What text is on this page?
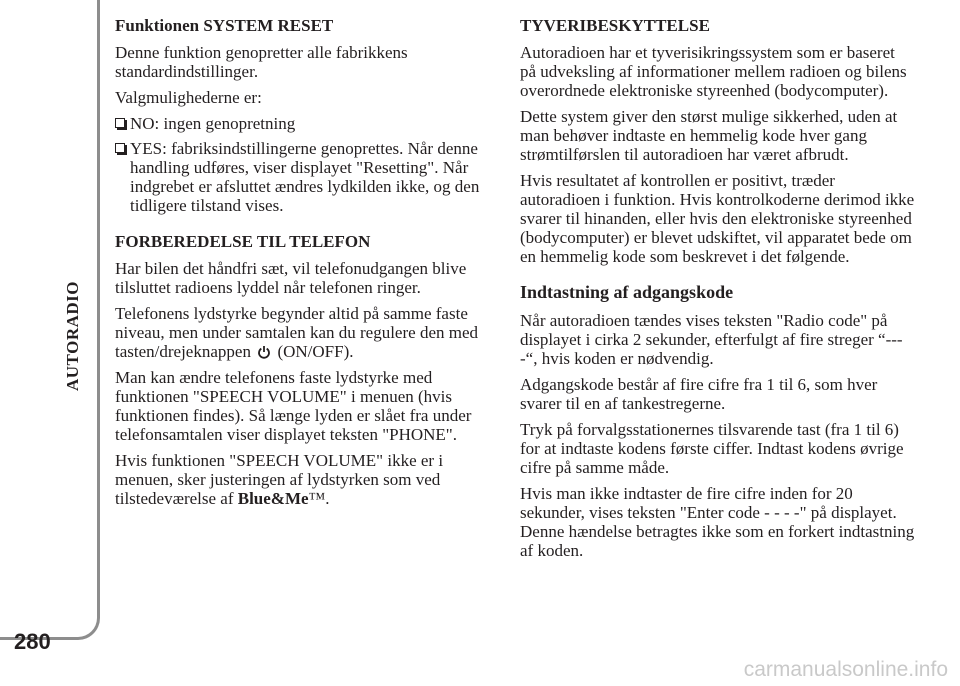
AUTORADIO
280
Funktionen SYSTEM RESET

Denne funktion genopretter alle fabrikkens standardindstillinger.

Valgmulighederne er:

NO: ingen genopretning
YES: fabriksindstillingerne genoprettes. Når denne handling udføres, viser displayet "Resetting". Når indgrebet er afsluttet ændres lydkilden ikke, og den tidligere tilstand vises.
FORBEREDELSE TIL TELEFON

Har bilen det håndfri sæt, vil telefonudgangen blive tilsluttet radioens lyddel når telefonen ringer.

Telefonens lydstyrke begynder altid på samme faste niveau, men under samtalen kan du regulere den med tasten/drejeknappen (ON/OFF).

Man kan ændre telefonens faste lydstyrke med funktionen "SPEECH VOLUME" i menuen (hvis funktionen findes). Så længe lyden er slået fra under telefonsamtalen viser displayet teksten "PHONE".

Hvis funktionen "SPEECH VOLUME" ikke er i menuen, sker justeringen af lydstyrken som ved tilstedeværelse af Blue&Me™.

TYVERIBESKYTTELSE

Autoradioen har et tyverisikringssystem som er baseret på udveksling af informationer mellem radioen og bilens overordnede elektroniske styreenhed (bodycomputer).

Dette system giver den størst mulige sikkerhed, uden at man behøver indtaste en hemmelig kode hver gang strømtilførslen til autoradioen har været afbrudt.

Hvis resultatet af kontrollen er positivt, træder autoradioen i funktion. Hvis kontrolkoderne derimod ikke svarer til hinanden, eller hvis den elektroniske styreenhed (bodycomputer) er blevet udskiftet, vil apparatet bede om en hemmelig kode som beskrevet i det følgende.

Indtastning af adgangskode

Når autoradioen tændes vises teksten "Radio code" på displayet i cirka 2 sekunder, efterfulgt af fire streger “----“, hvis koden er nødvendig.

Adgangskode består af fire cifre fra 1 til 6, som hver svarer til en af tankestregerne.

Tryk på forvalgsstationernes tilsvarende tast (fra 1 til 6) for at indtaste kodens første ciffer. Indtast kodens øvrige cifre på samme måde.

Hvis man ikke indtaster de fire cifre inden for 20 sekunder, vises teksten "Enter code - - - -" på displayet. Denne hændelse betragtes ikke som en forkert indtastning af koden.

carmanualsonline.info
